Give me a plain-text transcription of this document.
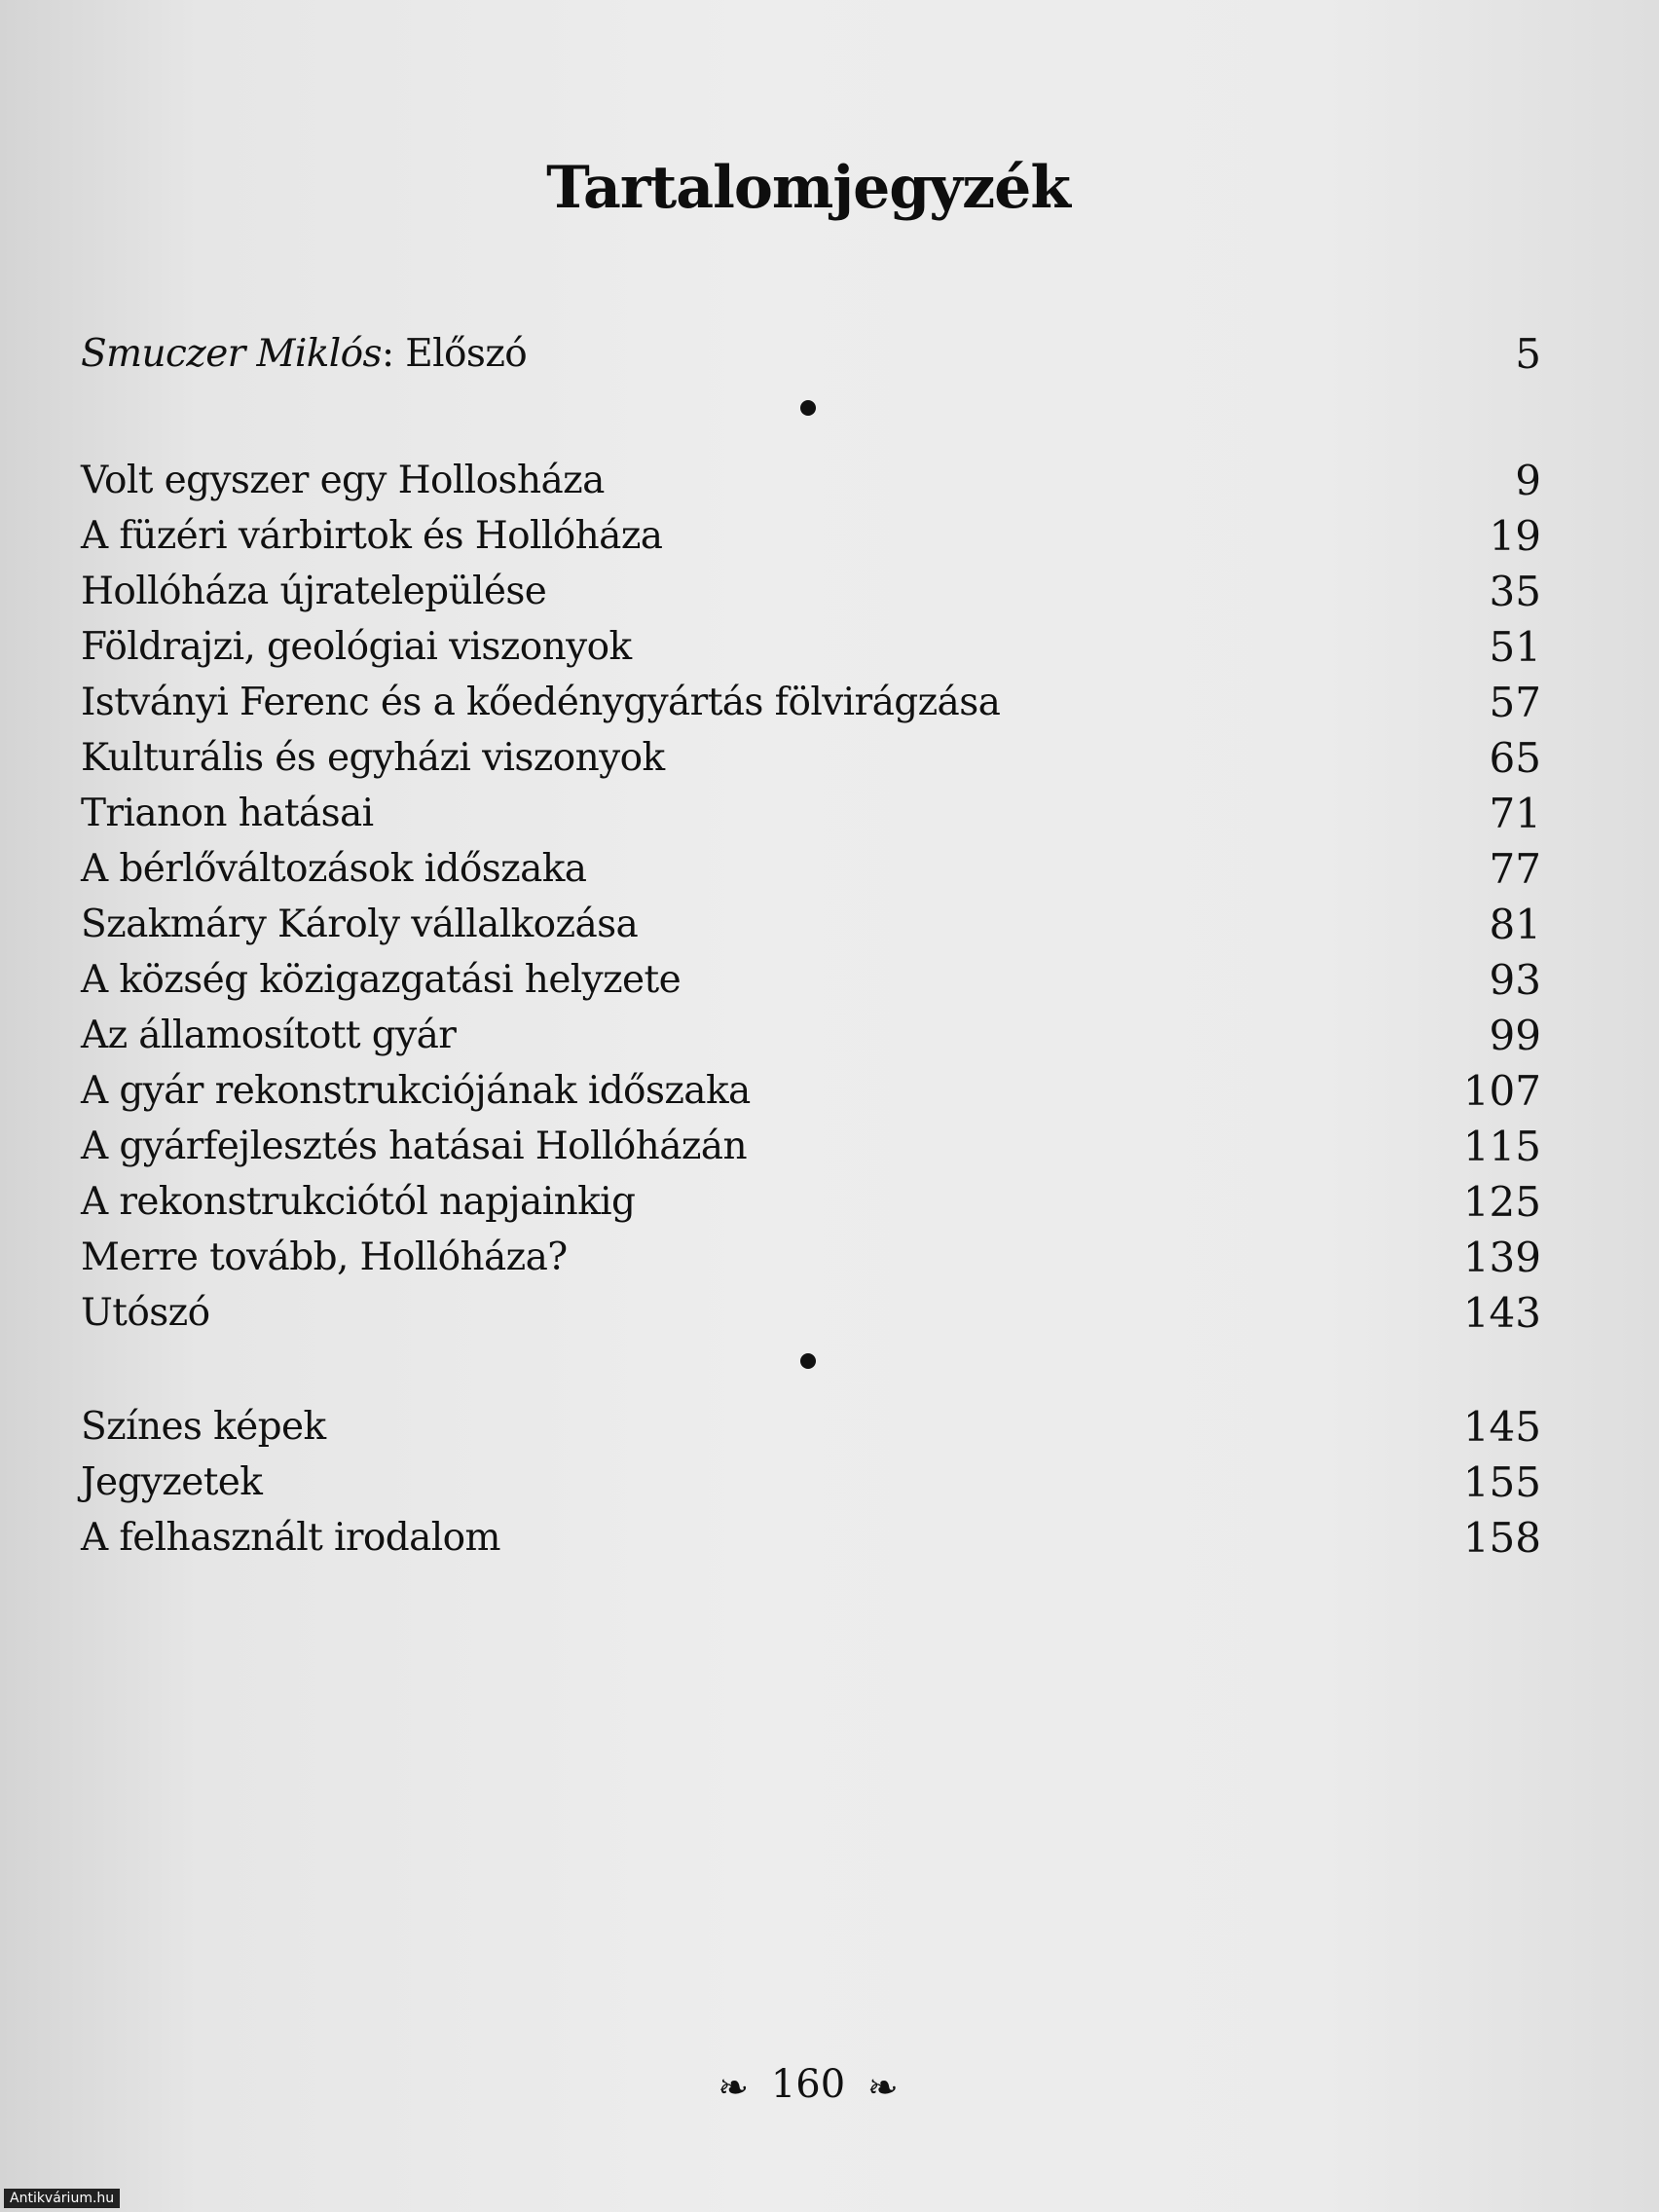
Tartalomjegyzék
Smuczer Miklós: Előszó	5
Volt egyszer egy Hollosháza	9
A füzéri várbirtok és Hollóháza	19
Hollóháza újratelepülése	35
Földrajzi, geológiai viszonyok	51
Istványi Ferenc és a kőedénygyártás fölvirágzása	57
Kulturális és egyházi viszonyok	65
Trianon hatásai	71
A bérlőváltozások időszaka	77
Szakmáry Károly vállalkozása	81
A község közigazgatási helyzete	93
Az államosított gyár	99
A gyár rekonstrukciójának időszaka	107
A gyárfejlesztés hatásai Hollóházán	115
A rekonstrukciótól napjainkig	125
Merre tovább, Hollóháza?	139
Utószó	143
Színes képek	145
Jegyzetek	155
A felhasznált irodalom	158
❧ 160 ❧
Antikvárium.hu
